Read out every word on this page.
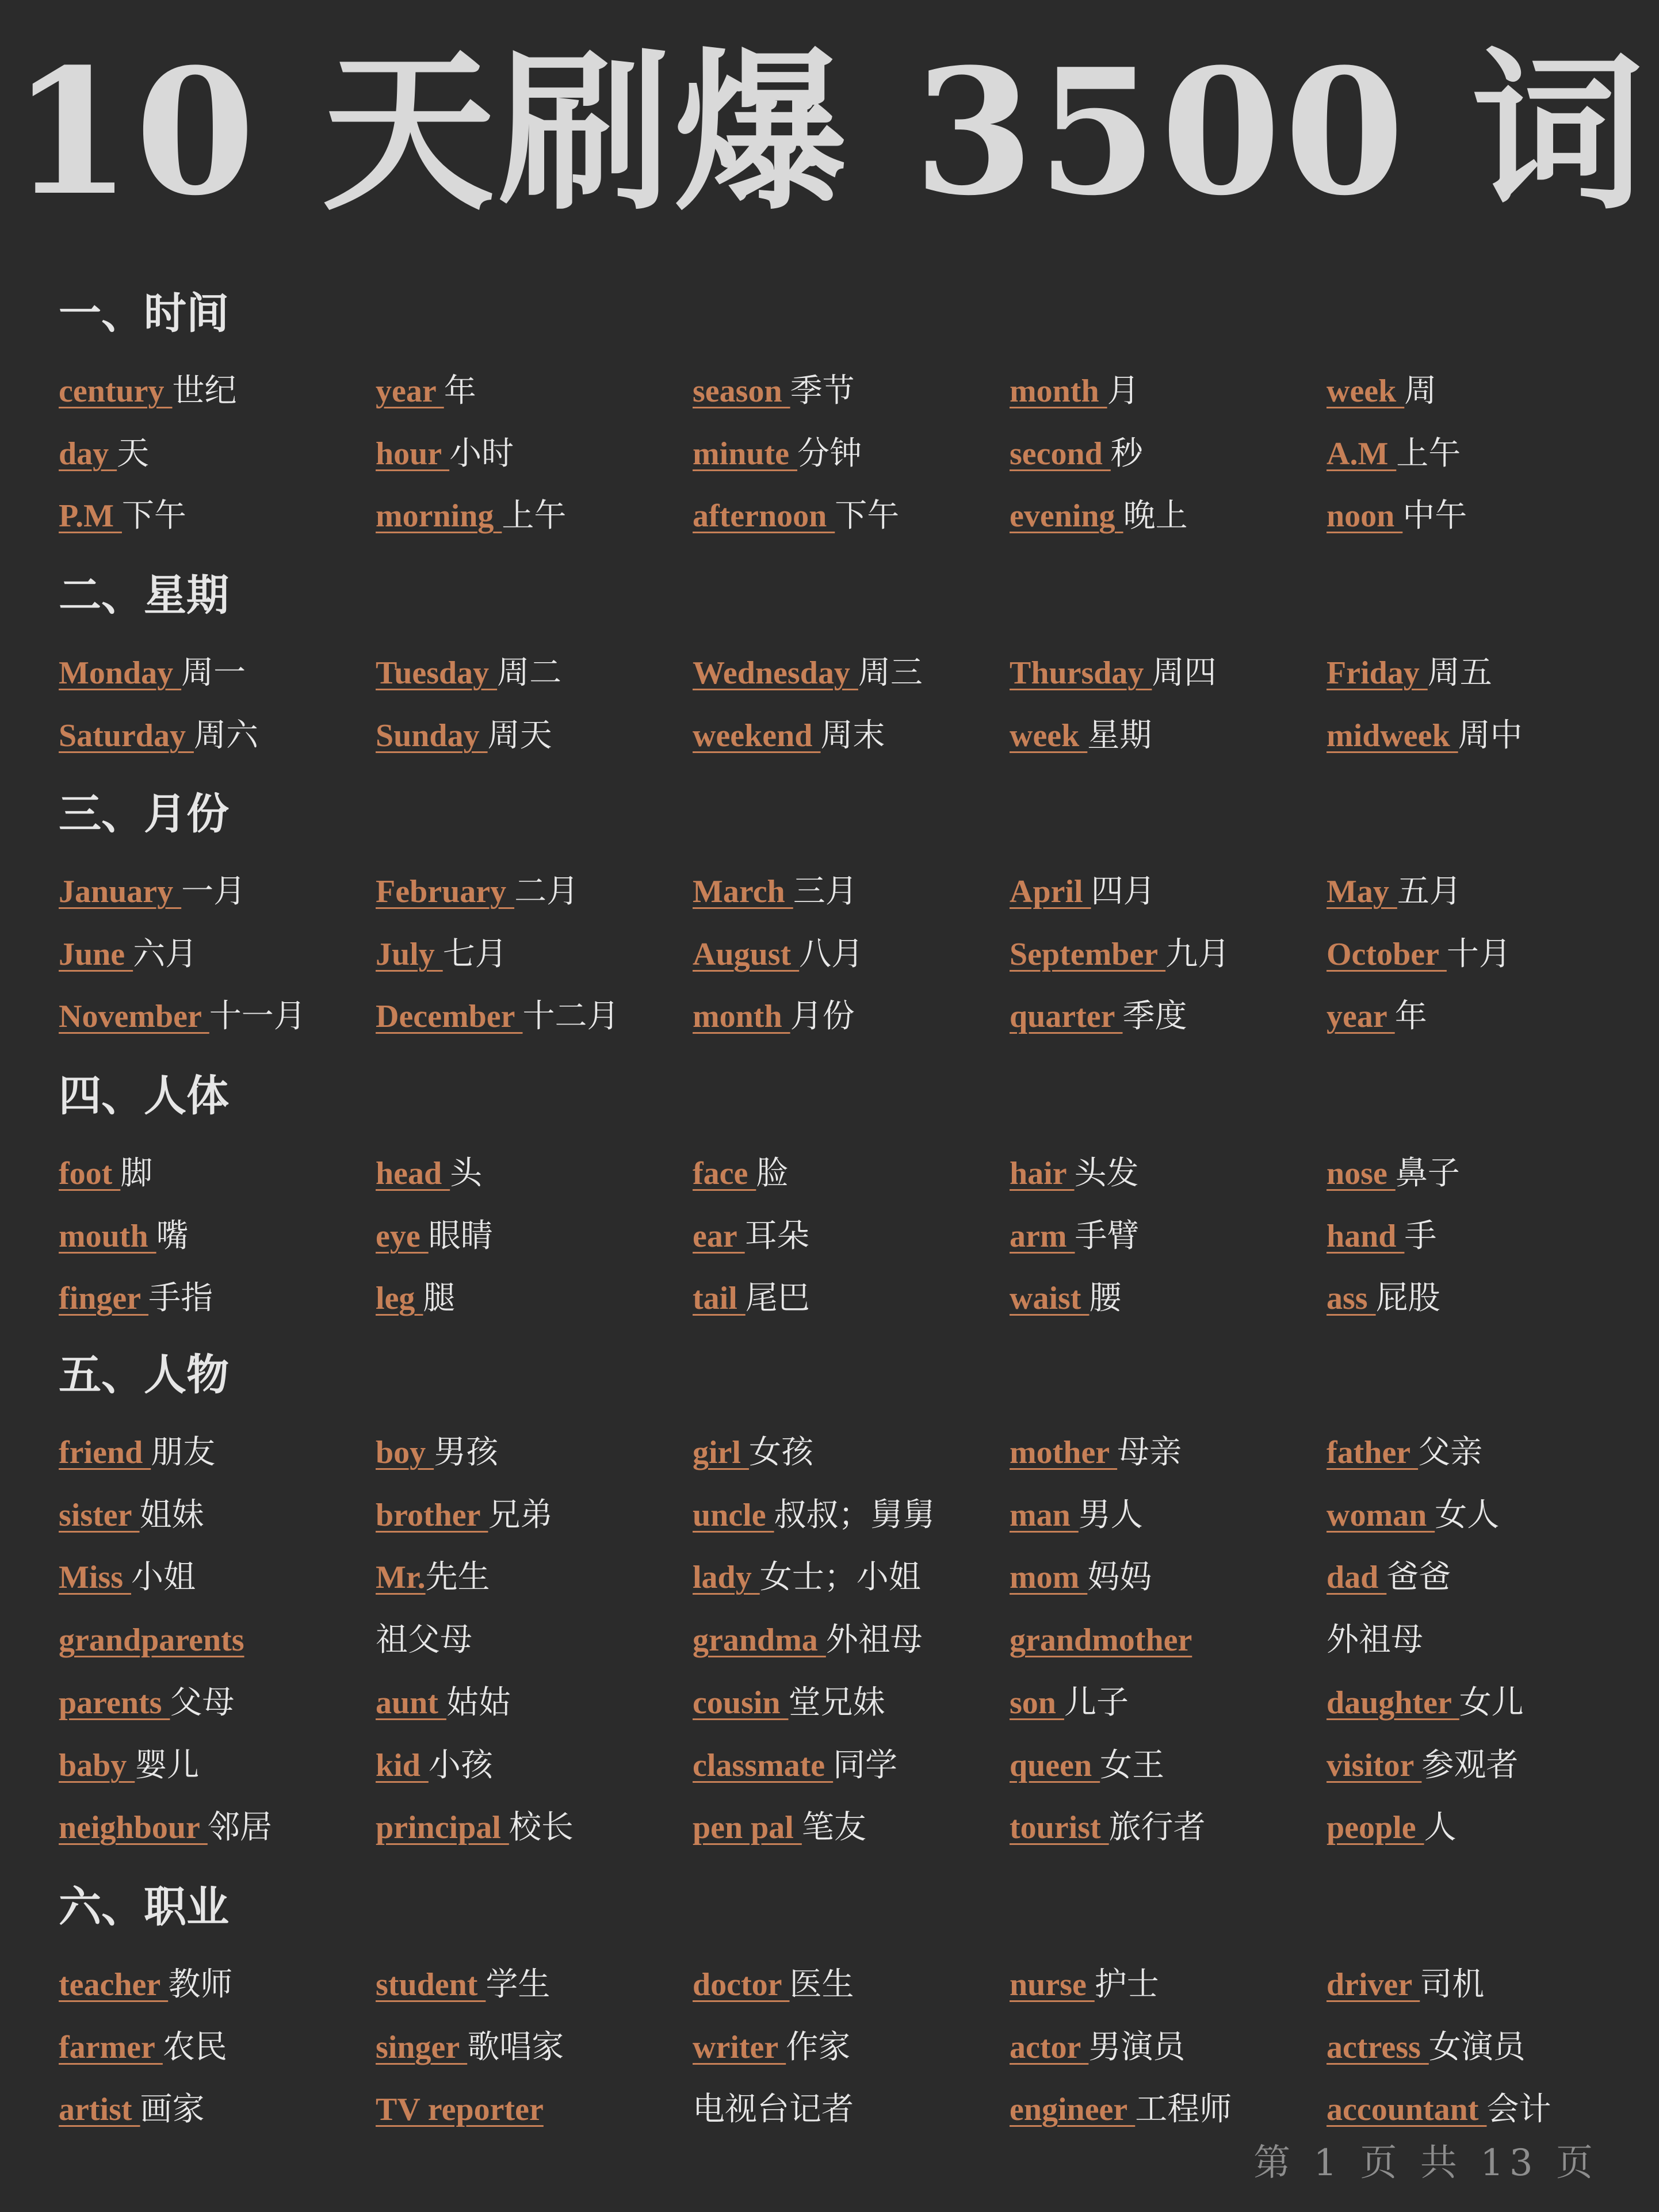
10 天刷爆 3500 词
一、时间
century 世纪	year 年	season 季节	month 月	week 周
day 天	hour 小时	minute 分钟	second 秒	A.M 上午
P.M 下午	morning 上午	afternoon 下午	evening 晚上	noon 中午
二、星期
Monday 周一	Tuesday 周二	Wednesday 周三	Thursday 周四	Friday 周五
Saturday 周六	Sunday 周天	weekend 周末	week 星期	midweek 周中
三、月份
January 一月	February 二月	March 三月	April 四月	May 五月
June 六月	July 七月	August 八月	September 九月	October 十月
November 十一月 December 十二月 month 月份	quarter 季度	year 年
四、人体
foot 脚	head 头	face 脸	hair 头发	nose 鼻子
mouth 嘴	eye 眼睛	ear 耳朵	arm 手臂	hand 手
finger 手指	leg 腿	tail 尾巴	waist 腰	ass 屁股
五、人物
friend 朋友	boy 男孩	girl 女孩	mother 母亲	father 父亲
sister 姐妹	brother 兄弟	uncle 叔叔；舅舅 man 男人	woman 女人
Miss 小姐	Mr.先生	lady 女士；小姐	mom 妈妈	dad 爸爸
grandparents	祖父母	grandma 外祖母	grandmother	外祖母
parents 父母	aunt 姑姑	cousin 堂兄妹	son 儿子	daughter 女儿
baby 婴儿	kid 小孩	classmate 同学	queen 女王	visitor 参观者
neighbour 邻居	principal 校长	pen pal 笔友	tourist 旅行者	people 人
六、职业
teacher 教师	student 学生	doctor 医生	nurse 护士	driver 司机
farmer 农民	singer 歌唱家	writer 作家	actor 男演员	actress 女演员
artist 画家	TV reporter	电视台记者	engineer 工程师	accountant 会计
第 1 页 共 13 页
